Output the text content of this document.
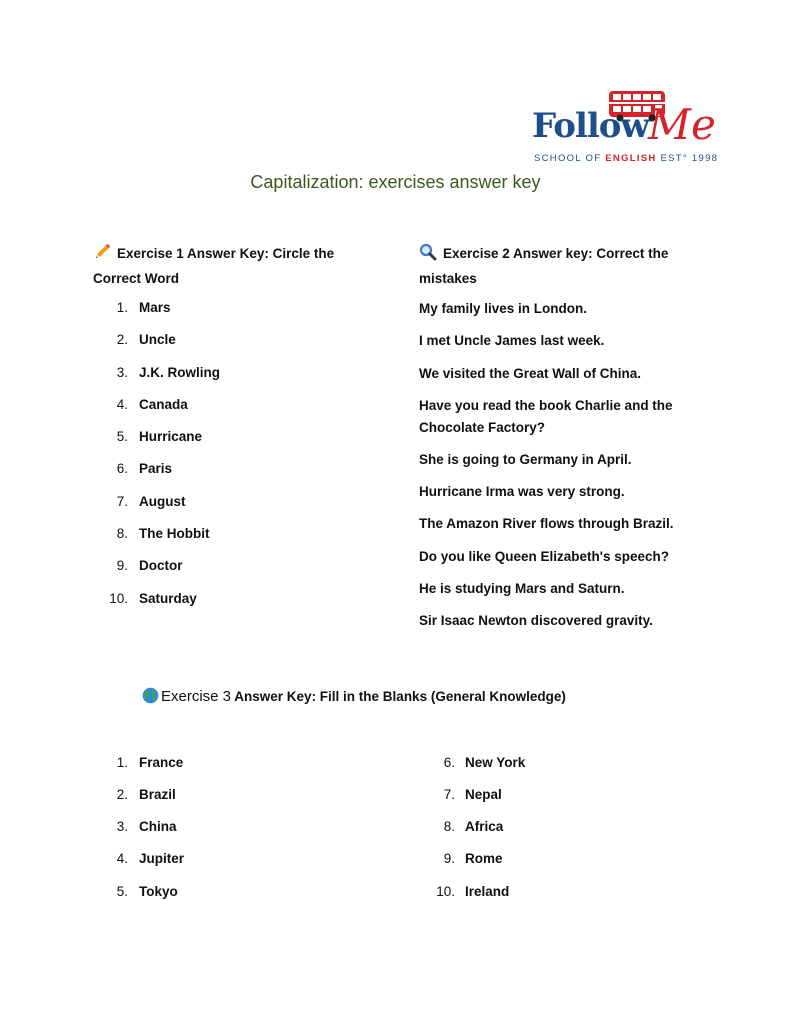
Follow Me
SCHOOL OF ENGLISH EST° 1998
Capitalization: exercises answer key
Exercise 1 Answer Key: Circle the
Correct Word
1. Mars
2. Uncle
3. J.K. Rowling
4. Canada
5. Hurricane
6. Paris
7. August
8. The Hobbit
9. Doctor
10. Saturday
Exercise 2 Answer key: Correct the
mistakes
My family lives in London.
I met Uncle James last week.
We visited the Great Wall of China.
Have you read the book Charlie and the Chocolate Factory?
She is going to Germany in April.
Hurricane Irma was very strong.
The Amazon River flows through Brazil.
Do you like Queen Elizabeth's speech?
He is studying Mars and Saturn.
Sir Isaac Newton discovered gravity.
Exercise 3 Answer Key: Fill in the Blanks (General Knowledge)
1. France
2. Brazil
3. China
4. Jupiter
5. Tokyo
6. New York
7. Nepal
8. Africa
9. Rome
10. Ireland
